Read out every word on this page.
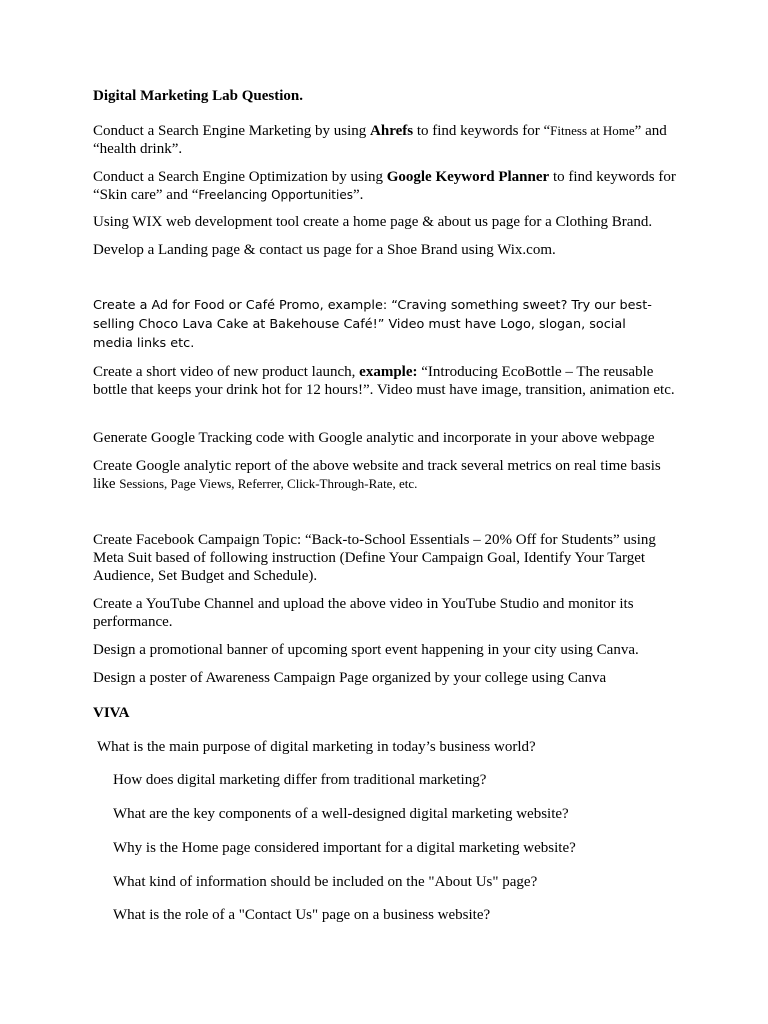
Digital Marketing Lab Question.

Conduct a Search Engine Marketing by using Ahrefs to find keywords for “Fitness at Home” and “health drink”.

Conduct a Search Engine Optimization by using Google Keyword Planner to find keywords for “Skin care” and “Freelancing Opportunities”.

Using WIX web development tool create a home page & about us page for a Clothing Brand.

Develop a Landing page & contact us page for a Shoe Brand using Wix.com.

Create a Ad for Food or Café Promo, example: “Craving something sweet? Try our best-selling Choco Lava Cake at Bakehouse Café!” Video must have Logo, slogan, social media links etc.

Create a short video of new product launch, example: “Introducing EcoBottle – The reusable bottle that keeps your drink hot for 12 hours!”. Video must have image, transition, animation etc.

Generate Google Tracking code with Google analytic and incorporate in your above webpage

Create Google analytic report of the above website and track several metrics on real time basis like Sessions, Page Views, Referrer, Click-Through-Rate, etc.

Create Facebook Campaign Topic: “Back-to-School Essentials – 20% Off for Students” using Meta Suit based of following instruction (Define Your Campaign Goal, Identify Your Target Audience, Set Budget and Schedule).

Create a YouTube Channel and upload the above video in YouTube Studio and monitor its performance.

Design a promotional banner of upcoming sport event happening in your city using Canva.

Design a poster of Awareness Campaign Page organized by your college using Canva

VIVA

What is the main purpose of digital marketing in today’s business world?

How does digital marketing differ from traditional marketing?

What are the key components of a well-designed digital marketing website?

Why is the Home page considered important for a digital marketing website?

What kind of information should be included on the "About Us" page?

What is the role of a "Contact Us" page on a business website?
